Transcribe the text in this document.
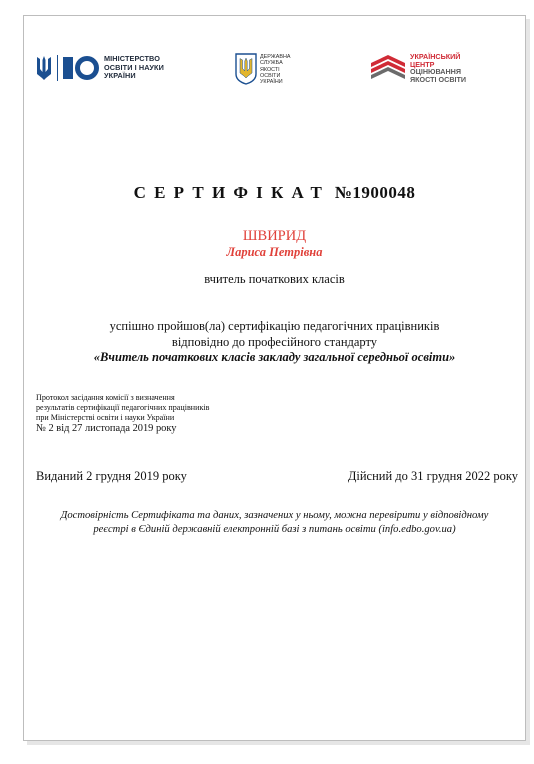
МІНІСТЕРСТВО
ОСВІТИ І НАУКИ
УКРАЇНИ
ДЕРЖАВНА
СЛУЖБА
ЯКОСТІ
ОСВІТИ
УКРАЇНИ
УКРАЇНСЬКИЙ
ЦЕНТР
ОЦІНЮВАННЯ
ЯКОСТІ ОСВІТИ
СЕРТИФІКАТ №1900048
ШВИРИД
Лариса Петрівна
вчитель початкових класів
успішно пройшов(ла) сертифікацію педагогічних працівників
відповідно до професійного стандарту
«Вчитель початкових класів закладу загальної середньої освіти»
Протокол засідання комісії з визначення
результатів сертифікації педагогічних працівників
при Міністерстві освіти і науки України
№ 2 від 27 листопада 2019 року
Виданий 2 грудня 2019 року	Дійсний до 31 грудня 2022 року
Достовірність Сертифіката та даних, зазначених у ньому, можна перевірити у відповідному
реєстрі в Єдиній державній електронній базі з питань освіти (info.edbo.gov.ua)
